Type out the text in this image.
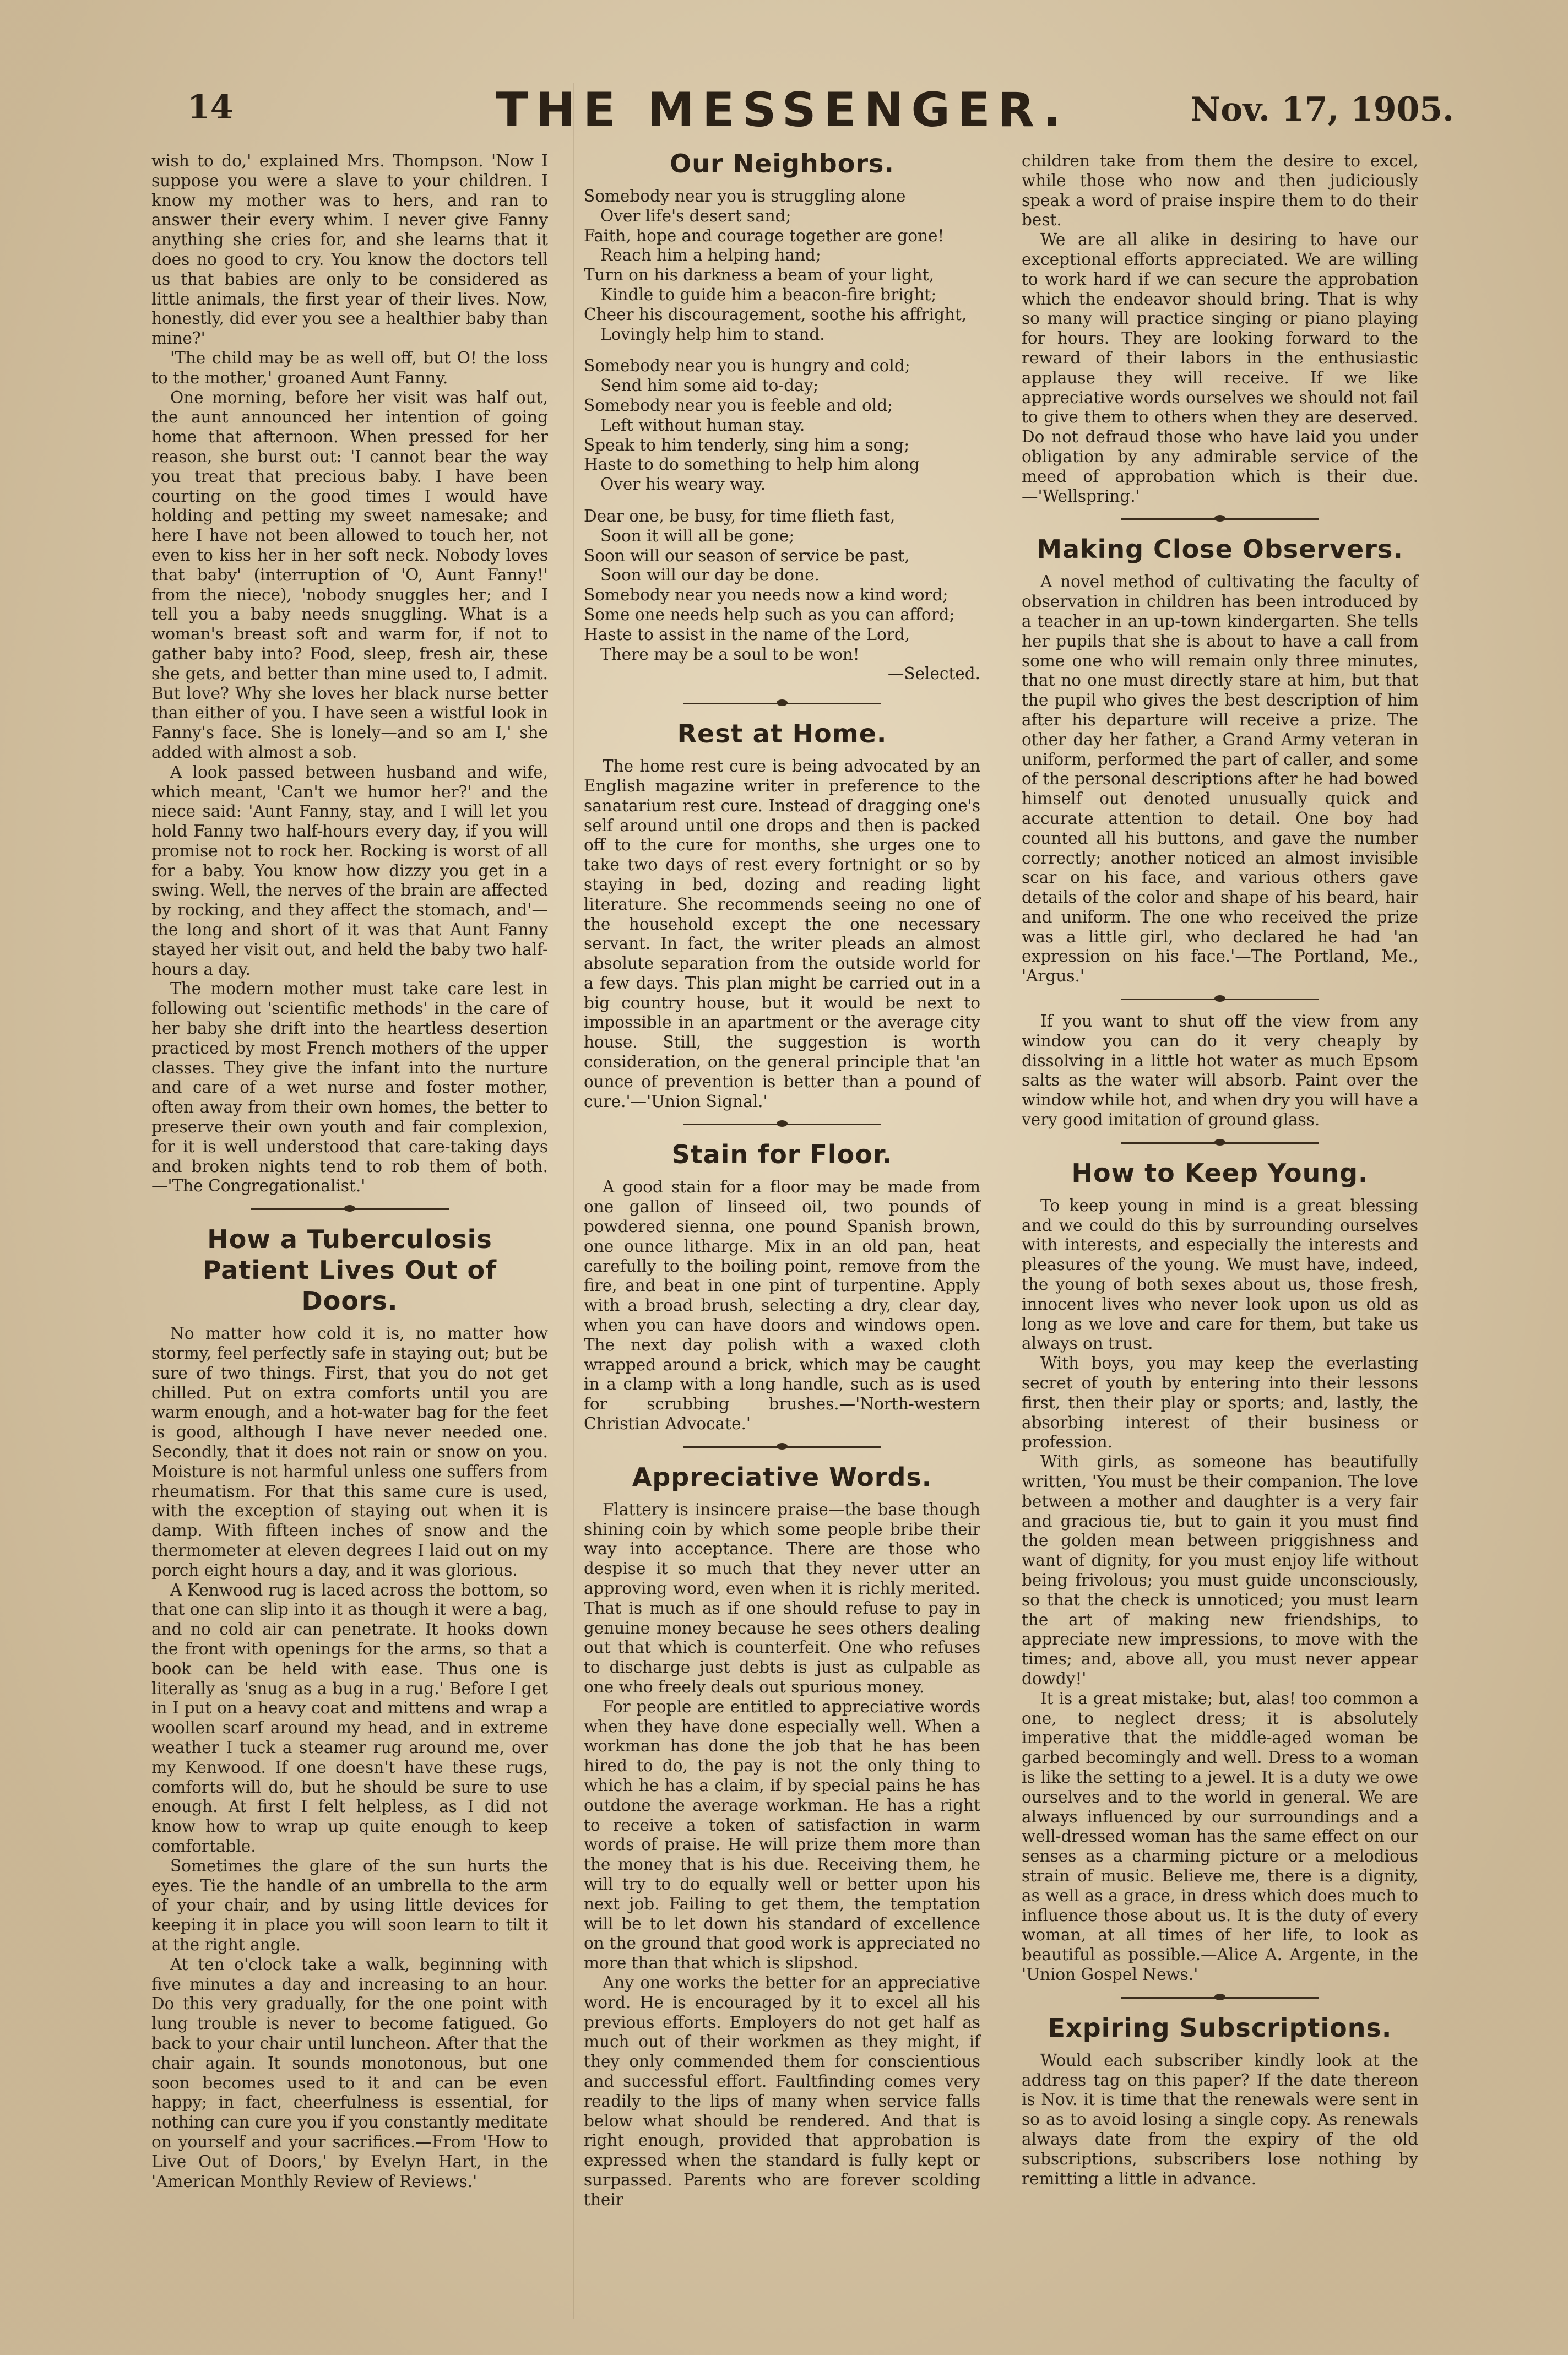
14	THE MESSENGER.	Nov. 17, 1905.

wish to do,' explained Mrs. Thompson. 'Now I suppose you were a slave to your children. I know my mother was to hers, and ran to answer their every whim. I never give Fanny anything she cries for, and she learns that it does no good to cry. You know the doctors tell us that babies are only to be considered as little animals, the first year of their lives. Now, honestly, did ever you see a healthier baby than mine?'

'The child may be as well off, but O! the loss to the mother,' groaned Aunt Fanny.

One morning, before her visit was half out, the aunt announced her intention of going home that afternoon. When pressed for her reason, she burst out: 'I cannot bear the way you treat that precious baby. I have been courting on the good times I would have holding and petting my sweet namesake; and here I have not been allowed to touch her, not even to kiss her in her soft neck. Nobody loves that baby' (interruption of 'O, Aunt Fanny!' from the niece), 'nobody snuggles her; and I tell you a baby needs snuggling. What is a woman's breast soft and warm for, if not to gather baby into? Food, sleep, fresh air, these she gets, and better than mine used to, I admit. But love? Why she loves her black nurse better than either of you. I have seen a wistful look in Fanny's face. She is lonely—and so am I,' she added with almost a sob.

A look passed between husband and wife, which meant, 'Can't we humor her?' and the niece said: 'Aunt Fanny, stay, and I will let you hold Fanny two half-hours every day, if you will promise not to rock her. Rocking is worst of all for a baby. You know how dizzy you get in a swing. Well, the nerves of the brain are affected by rocking, and they affect the stomach, and'—the long and short of it was that Aunt Fanny stayed her visit out, and held the baby two half-hours a day.

The modern mother must take care lest in following out 'scientific methods' in the care of her baby she drift into the heartless desertion practiced by most French mothers of the upper classes. They give the infant into the nurture and care of a wet nurse and foster mother, often away from their own homes, the better to preserve their own youth and fair complexion, for it is well understood that care-taking days and broken nights tend to rob them of both.—'The Congregationalist.'

How a Tuberculosis Patient Lives Out of Doors.

No matter how cold it is, no matter how stormy, feel perfectly safe in staying out; but be sure of two things. First, that you do not get chilled. Put on extra comforts until you are warm enough, and a hot-water bag for the feet is good, although I have never needed one. Secondly, that it does not rain or snow on you. Moisture is not harmful unless one suffers from rheumatism. For that this same cure is used, with the exception of staying out when it is damp. With fifteen inches of snow and the thermometer at eleven degrees I laid out on my porch eight hours a day, and it was glorious.

A Kenwood rug is laced across the bottom, so that one can slip into it as though it were a bag, and no cold air can penetrate. It hooks down the front with openings for the arms, so that a book can be held with ease. Thus one is literally as 'snug as a bug in a rug.' Before I get in I put on a heavy coat and mittens and wrap a woollen scarf around my head, and in extreme weather I tuck a steamer rug around me, over my Kenwood. If one doesn't have these rugs, comforts will do, but he should be sure to use enough. At first I felt helpless, as I did not know how to wrap up quite enough to keep comfortable.

Sometimes the glare of the sun hurts the eyes. Tie the handle of an umbrella to the arm of your chair, and by using little devices for keeping it in place you will soon learn to tilt it at the right angle.

At ten o'clock take a walk, beginning with five minutes a day and increasing to an hour. Do this very gradually, for the one point with lung trouble is never to become fatigued. Go back to your chair until luncheon. After that the chair again. It sounds monotonous, but one soon becomes used to it and can be even happy; in fact, cheerfulness is essential, for nothing can cure you if you constantly meditate on yourself and your sacrifices.—From 'How to Live Out of Doors,' by Evelyn Hart, in the 'American Monthly Review of Reviews.'

Our Neighbors.
Somebody near you is struggling alone
Over life's desert sand;
Faith, hope and courage together are gone!
Reach him a helping hand;
Turn on his darkness a beam of your light,
Kindle to guide him a beacon-fire bright;
Cheer his discouragement, soothe his affright,
Lovingly help him to stand.
Somebody near you is hungry and cold;
Send him some aid to-day;
Somebody near you is feeble and old;
Left without human stay.
Speak to him tenderly, sing him a song;
Haste to do something to help him along
Over his weary way.
Dear one, be busy, for time flieth fast,
Soon it will all be gone;
Soon will our season of service be past,
Soon will our day be done.
Somebody near you needs now a kind word;
Some one needs help such as you can afford;
Haste to assist in the name of the Lord,
There may be a soul to be won!
—Selected.
Rest at Home.

The home rest cure is being advocated by an English magazine writer in preference to the sanatarium rest cure. Instead of dragging one's self around until one drops and then is packed off to the cure for months, she urges one to take two days of rest every fortnight or so by staying in bed, dozing and reading light literature. She recommends seeing no one of the household except the one necessary servant. In fact, the writer pleads an almost absolute separation from the outside world for a few days. This plan might be carried out in a big country house, but it would be next to impossible in an apartment or the average city house. Still, the suggestion is worth consideration, on the general principle that 'an ounce of prevention is better than a pound of cure.'—'Union Signal.'

Stain for Floor.

A good stain for a floor may be made from one gallon of linseed oil, two pounds of powdered sienna, one pound Spanish brown, one ounce litharge. Mix in an old pan, heat carefully to the boiling point, remove from the fire, and beat in one pint of turpentine. Apply with a broad brush, selecting a dry, clear day, when you can have doors and windows open. The next day polish with a waxed cloth wrapped around a brick, which may be caught in a clamp with a long handle, such as is used for scrubbing brushes.—'North-western Christian Advocate.'

Appreciative Words.

Flattery is insincere praise—the base though shining coin by which some people bribe their way into acceptance. There are those who despise it so much that they never utter an approving word, even when it is richly merited. That is much as if one should refuse to pay in genuine money because he sees others dealing out that which is counterfeit. One who refuses to discharge just debts is just as culpable as one who freely deals out spurious money.

For people are entitled to appreciative words when they have done especially well. When a workman has done the job that he has been hired to do, the pay is not the only thing to which he has a claim, if by special pains he has outdone the average workman. He has a right to receive a token of satisfaction in warm words of praise. He will prize them more than the money that is his due. Receiving them, he will try to do equally well or better upon his next job. Failing to get them, the temptation will be to let down his standard of excellence on the ground that good work is appreciated no more than that which is slipshod.

Any one works the better for an appreciative word. He is encouraged by it to excel all his previous efforts. Employers do not get half as much out of their workmen as they might, if they only commended them for conscientious and successful effort. Faultfinding comes very readily to the lips of many when service falls below what should be rendered. And that is right enough, provided that approbation is expressed when the standard is fully kept or surpassed. Parents who are forever scolding their

children take from them the desire to excel, while those who now and then judiciously speak a word of praise inspire them to do their best.

We are all alike in desiring to have our exceptional efforts appreciated. We are willing to work hard if we can secure the approbation which the endeavor should bring. That is why so many will practice singing or piano playing for hours. They are looking forward to the reward of their labors in the enthusiastic applause they will receive. If we like appreciative words ourselves we should not fail to give them to others when they are deserved. Do not defraud those who have laid you under obligation by any admirable service of the meed of approbation which is their due.—'Wellspring.'

Making Close Observers.

A novel method of cultivating the faculty of observation in children has been introduced by a teacher in an up-town kindergarten. She tells her pupils that she is about to have a call from some one who will remain only three minutes, that no one must directly stare at him, but that the pupil who gives the best description of him after his departure will receive a prize. The other day her father, a Grand Army veteran in uniform, performed the part of caller, and some of the personal descriptions after he had bowed himself out denoted unusually quick and accurate attention to detail. One boy had counted all his buttons, and gave the number correctly; another noticed an almost invisible scar on his face, and various others gave details of the color and shape of his beard, hair and uniform. The one who received the prize was a little girl, who declared he had 'an expression on his face.'—The Portland, Me., 'Argus.'

If you want to shut off the view from any window you can do it very cheaply by dissolving in a little hot water as much Epsom salts as the water will absorb. Paint over the window while hot, and when dry you will have a very good imitation of ground glass.

How to Keep Young.

To keep young in mind is a great blessing and we could do this by surrounding ourselves with interests, and especially the interests and pleasures of the young. We must have, indeed, the young of both sexes about us, those fresh, innocent lives who never look upon us old as long as we love and care for them, but take us always on trust.

With boys, you may keep the everlasting secret of youth by entering into their lessons first, then their play or sports; and, lastly, the absorbing interest of their business or profession.

With girls, as someone has beautifully written, 'You must be their companion. The love between a mother and daughter is a very fair and gracious tie, but to gain it you must find the golden mean between priggishness and want of dignity, for you must enjoy life without being frivolous; you must guide unconsciously, so that the check is unnoticed; you must learn the art of making new friendships, to appreciate new impressions, to move with the times; and, above all, you must never appear dowdy!'

It is a great mistake; but, alas! too common a one, to neglect dress; it is absolutely imperative that the middle-aged woman be garbed becomingly and well. Dress to a woman is like the setting to a jewel. It is a duty we owe ourselves and to the world in general. We are always influenced by our surroundings and a well-dressed woman has the same effect on our senses as a charming picture or a melodious strain of music. Believe me, there is a dignity, as well as a grace, in dress which does much to influence those about us. It is the duty of every woman, at all times of her life, to look as beautiful as possible.—Alice A. Argente, in the 'Union Gospel News.'

Expiring Subscriptions.

Would each subscriber kindly look at the address tag on this paper? If the date thereon is Nov. it is time that the renewals were sent in so as to avoid losing a single copy. As renewals always date from the expiry of the old subscriptions, subscribers lose nothing by remitting a little in advance.
